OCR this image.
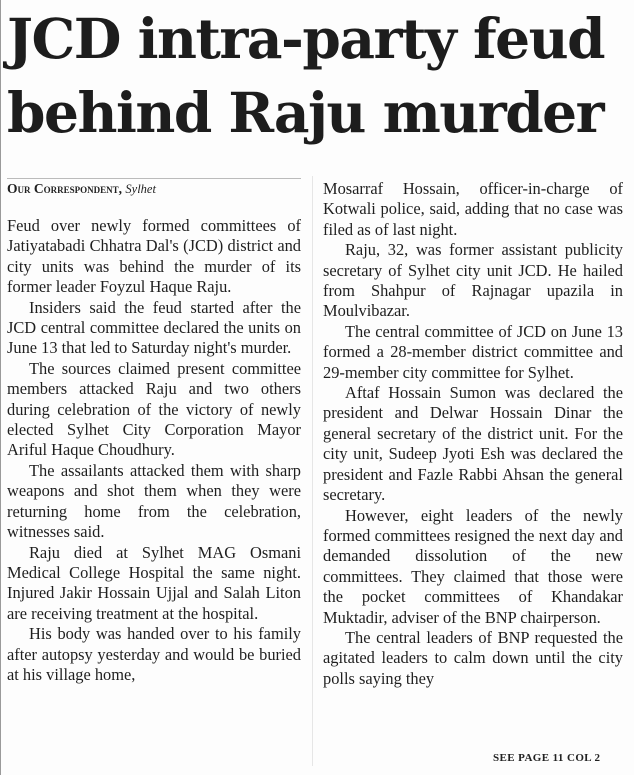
JCD intra-party feud
behind Raju murder

Our Correspondent, Sylhet

Feud over newly formed committees of Jatiyatabadi Chhatra Dal's (JCD) district and city units was behind the murder of its former leader Foyzul Haque Raju.

Insiders said the feud started after the JCD central committee declared the units on June 13 that led to Saturday night's murder.

The sources claimed present committee members attacked Raju and two others during celebration of the victory of newly elected Sylhet City Corporation Mayor Ariful Haque Choudhury.

The assailants attacked them with sharp weapons and shot them when they were returning home from the celebration, witnesses said.

Raju died at Sylhet MAG Osmani Medical College Hospital the same night. Injured Jakir Hossain Ujjal and Salah Liton are receiving treatment at the hospital.

His body was handed over to his family after autopsy yesterday and would be buried at his village home,

Mosarraf Hossain, officer-in-charge of Kotwali police, said, adding that no case was filed as of last night.

Raju, 32, was former assistant publicity secretary of Sylhet city unit JCD. He hailed from Shahpur of Rajnagar upazila in Moulvibazar.

The central committee of JCD on June 13 formed a 28-member district committee and 29-member city committee for Sylhet.

Aftaf Hossain Sumon was declared the president and Delwar Hossain Dinar the general secretary of the district unit. For the city unit, Sudeep Jyoti Esh was declared the president and Fazle Rabbi Ahsan the general secretary.

However, eight leaders of the newly formed committees resigned the next day and demanded dissolution of the new committees. They claimed that those were the pocket committees of Khandakar Muktadir, adviser of the BNP chairperson.

The central leaders of BNP requested the agitated leaders to calm down until the city polls saying they

SEE PAGE 11 COL 2
